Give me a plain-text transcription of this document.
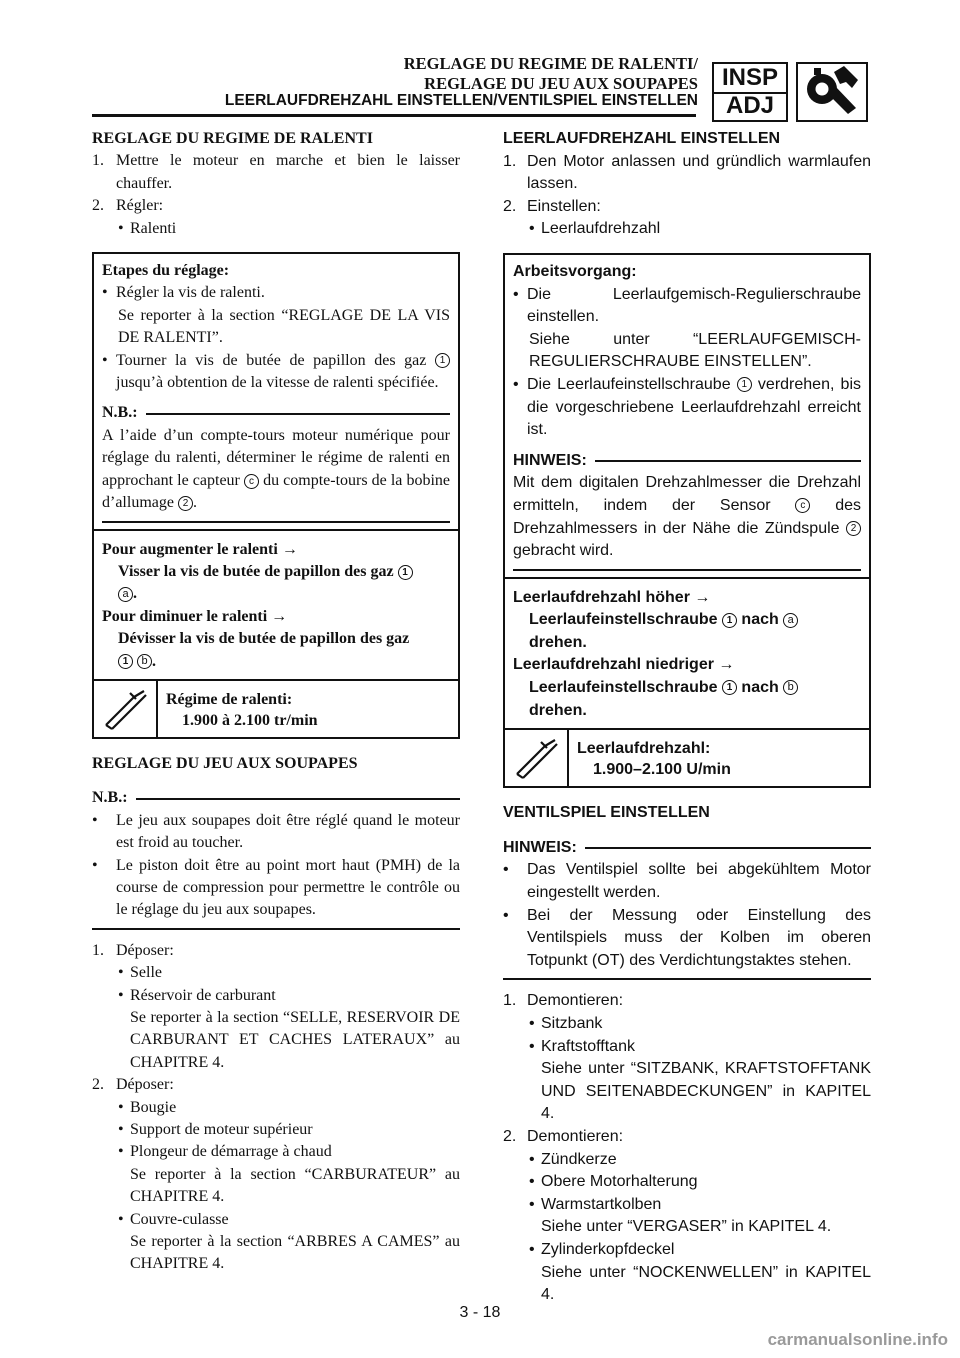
REGLAGE DU REGIME DE RALENTI/
REGLAGE DU JEU AUX SOUPAPES
LEERLAUFDREHZAHL EINSTELLEN/VENTILSPIEL EINSTELLEN
INSP
ADJ
REGLAGE DU REGIME DE RALENTI
1. Mettre le moteur en marche et bien le laisser chauffer.
2. Régler:
• Ralenti
Etapes du réglage:
• Régler la vis de ralenti.
Se reporter à la section “REGLAGE DE LA VIS DE RALENTI”.
• Tourner la vis de butée de papillon des gaz 1 jusqu’à obtention de la vitesse de ralenti spécifiée.
N.B.:
A l’aide d’un compte-tours moteur numérique pour réglage du ralenti, déterminer le régime de ralenti en approchant le capteur c du compte-tours de la bobine d’allumage 2 .
Pour augmenter le ralenti →
Visser la vis de butée de papillon des gaz 1
a .
Pour diminuer le ralenti →
Dévisser la vis de butée de papillon des gaz
1 b .
Régime de ralenti:
1.900 à 2.100 tr/min
REGLAGE DU JEU AUX SOUPAPES
N.B.:
• Le jeu aux soupapes doit être réglé quand le moteur est froid au toucher.
• Le piston doit être au point mort haut (PMH) de la course de compression pour permettre le contrôle ou le réglage du jeu aux soupapes.
1. Déposer:
• Selle
• Réservoir de carburant
Se reporter à la section “SELLE, RESERVOIR DE CARBURANT ET CACHES LATERAUX” au CHAPITRE 4.
2. Déposer:
• Bougie
• Support de moteur supérieur
• Plongeur de démarrage à chaud
Se reporter à la section “CARBURATEUR” au CHAPITRE 4.
• Couvre-culasse
Se reporter à la section “ARBRES A CAMES” au CHAPITRE 4.
LEERLAUFDREHZAHL EINSTELLEN
1. Den Motor anlassen und gründlich warmlaufen lassen.
2. Einstellen:
• Leerlaufdrehzahl
Arbeitsvorgang:
• Die Leerlaufgemisch-Regulierschraube einstellen.
Siehe unter “LEERLAUFGEMISCH-REGULIERSCHRAUBE EINSTELLEN”.
• Die Leerlaufeinstellschraube 1 verdrehen, bis die vorgeschriebene Leerlaufdrehzahl erreicht ist.
HINWEIS:
Mit dem digitalen Drehzahlmesser die Drehzahl ermitteln, indem der Sensor	c des Drehzahlmessers in der Nähe die Zündspule 2 gebracht wird.
Leerlaufdrehzahl höher →
Leerlaufeinstellschraube 1 nach a
drehen.
Leerlaufdrehzahl niedriger →
Leerlaufeinstellschraube 1 nach b
drehen.
Leerlaufdrehzahl:
1.900–2.100 U/min
VENTILSPIEL EINSTELLEN
HINWEIS:
• Das Ventilspiel sollte bei abgekühltem Motor eingestellt werden.
• Bei der Messung oder Einstellung des Ventilspiels muss der Kolben im oberen Totpunkt (OT) des Verdichtungstaktes stehen.
1. Demontieren:
• Sitzbank
• Kraftstofftank
Siehe unter “SITZBANK, KRAFTSTOFFTANK UND SEITENABDECKUNGEN” in KAPITEL 4.
2. Demontieren:
• Zündkerze
• Obere Motorhalterung
• Warmstartkolben
Siehe unter “VERGASER” in KAPITEL 4.
• Zylinderkopfdeckel
Siehe unter “NOCKENWELLEN” in KAPITEL 4.
3 - 18
carmanualsonline.info
